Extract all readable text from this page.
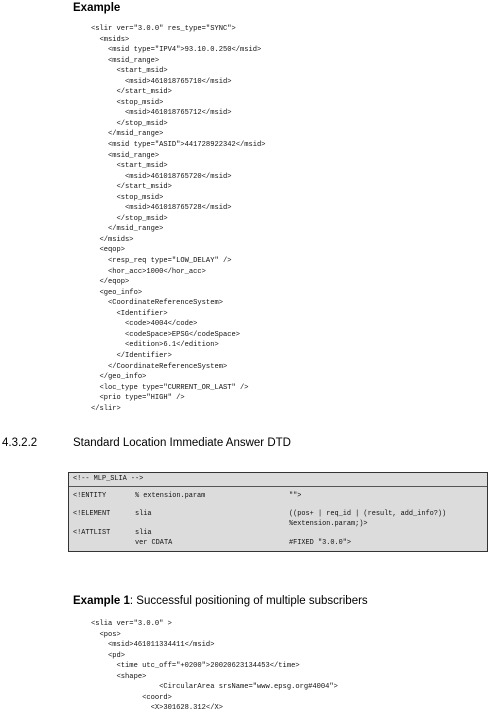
Example
<slir ver="3.0.0" res_type="SYNC">
<msids>
<msid type="IPV4">93.10.0.250</msid>
<msid_range>
<start_msid>
<msid>461018765710</msid>
</start_msid>
<stop_msid>
<msid>461018765712</msid>
</stop_msid>
</msid_range>
<msid type="ASID">441728922342</msid>
<msid_range>
<start_msid>
<msid>461018765720</msid>
</start_msid>
<stop_msid>
<msid>461018765728</msid>
</stop_msid>
</msid_range>
</msids>
<eqop>
<resp_req type="LOW_DELAY" />
<hor_acc>1000</hor_acc>
</eqop>
<geo_info>
<CoordinateReferenceSystem>
<Identifier>
<code>4004</code>
<codeSpace>EPSG</codeSpace>
<edition>6.1</edition>
</Identifier>
</CoordinateReferenceSystem>
</geo_info>
<loc_type type="CURRENT_OR_LAST" />
<prio type="HIGH" />
</slir>
4.3.2.2	Standard Location Immediate Answer DTD
<!-- MLP_SLIA -->
<!ENTITY	% extension.param	"">
<!ELEMENT	slia	((pos+ | req_id | (result, add_info?))
%extension.param;)>
<!ATTLIST	slia
ver CDATA	
#FIXED "3.0.0">
Example 1: Successful positioning of multiple subscribers
<slia ver="3.0.0" >
<pos>
<msid>461011334411</msid>
<pd>
<time utc_off="+0200">20020623134453</time>
<shape>
<CircularArea srsName="www.epsg.org#4004">
<coord>
<X>301628.312</X>
